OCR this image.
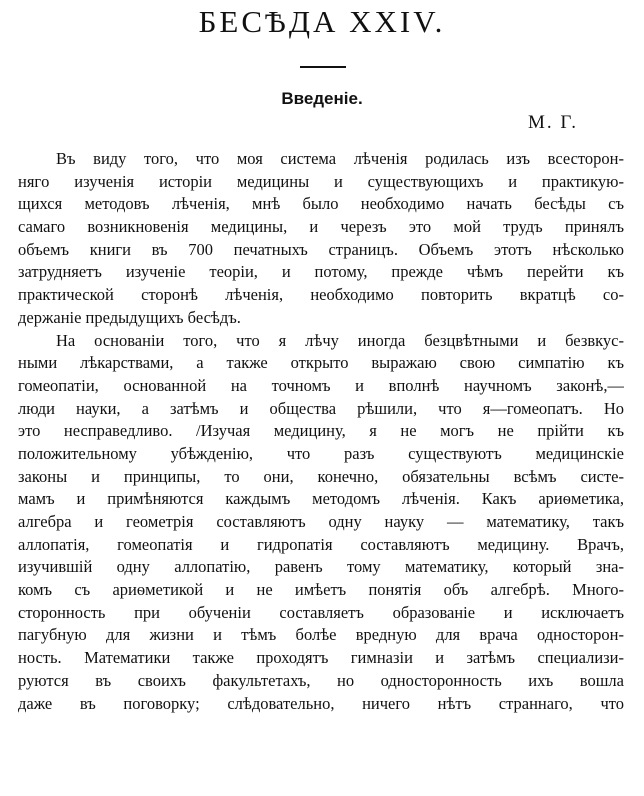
БЕСѢДА XXIV.
Введеніе.
М. Г.
Въ виду того, что моя система лѣченія родилась изъ всесторон-
нягo изученія исторіи медицины и существующихъ и практикую-
щихся методовъ лѣченія, мнѣ было необходимо начать бесѣды съ
самаго возникновенія медицины, и черезъ это мой трудъ принялъ
объемъ книги въ 700 печатныхъ страницъ. Объемъ этотъ нѣсколько
затрудняетъ изученіе теоріи, и потому, прежде чѣмъ перейти къ
практической сторонѣ лѣченія, необходимо повторить вкратцѣ со-
держаніе предыдущихъ бесѣдъ.
На основаніи того, что я лѣчу иногда безцвѣтными и безвкус-
ными лѣкарствами, а также открыто выражаю свою симпатію къ
гомеопатіи, основанной на точномъ и вполнѣ научномъ законѣ,—
люди науки, а затѣмъ и общества рѣшили, что я—гомеопатъ. Но
это несправедливо. /Изучая медицину, я не могъ не прійти къ
положительному убѣжденію, что разъ существуютъ медицинскіе
законы и принципы, то они, конечно, обязательны всѣмъ систе-
мамъ и примѣняются каждымъ методомъ лѣченія. Какъ ариѳметика,
алгебра и геометрія составляютъ одну науку — математику, такъ
аллопатія, гомеопатія и гидропатія составляютъ медицину. Врачъ,
изучившій одну аллопатію, равенъ тому математику, который зна-
комъ съ ариѳметикой и не имѣетъ понятія объ алгебрѣ. Много-
сторонность при обученіи составляетъ образованіе и исключаетъ
пагубную для жизни и тѣмъ болѣе вредную для врача односторон-
ность. Математики также проходятъ гимназіи и затѣмъ специализи-
руются въ своихъ факультетахъ, но односторонность ихъ вошла
даже въ поговорку; слѣдовательно, ничего нѣтъ страннаго, что
